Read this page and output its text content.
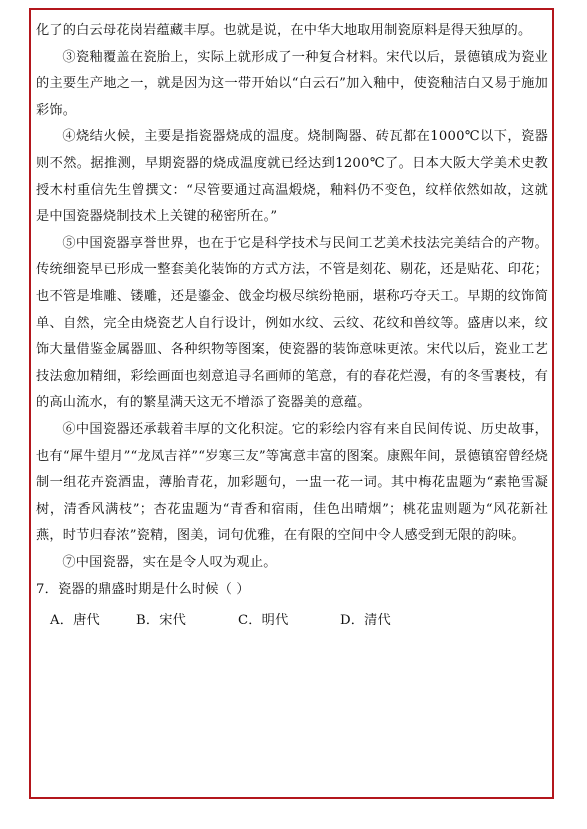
化了的白云母花岗岩蕴藏丰厚。也就是说，在中华大地取用制瓷原料是得天独厚的。

③瓷釉覆盖在瓷胎上，实际上就形成了一种复合材料。宋代以后，景德镇成为瓷业的主要生产地之一，就是因为这一带开始以“白云石”加入釉中，使瓷釉洁白又易于施加彩饰。

④烧结火候，主要是指瓷器烧成的温度。烧制陶器、砖瓦都在1000℃以下，瓷器则不然。据推测，早期瓷器的烧成温度就已经达到1200℃了。日本大阪大学美术史教授木村重信先生曾撰文：“尽管要通过高温煅烧，釉料仍不变色，纹样依然如故，这就是中国瓷器烧制技术上关键的秘密所在。”

⑤中国瓷器享誉世界，也在于它是科学技术与民间工艺美术技法完美结合的产物。传统细瓷早已形成一整套美化装饰的方式方法，不管是刻花、剔花，还是贴花、印花；也不管是堆雕、镂雕，还是鎏金、戗金均极尽缤纷艳丽，堪称巧夺天工。早期的纹饰简单、自然，完全由烧瓷艺人自行设计，例如水纹、云纹、花纹和兽纹等。盛唐以来，纹饰大量借鉴金属器皿、各种织物等图案，使瓷器的装饰意味更浓。宋代以后，瓷业工艺技法愈加精细，彩绘画面也刻意追寻名画师的笔意，有的春花烂漫，有的冬雪裹枝，有的高山流水，有的繁星满天这无不增添了瓷器美的意蕴。

⑥中国瓷器还承载着丰厚的文化积淀。它的彩绘内容有来自民间传说、历史故事，也有“犀牛望月”“龙凤吉祥”“岁寒三友”等寓意丰富的图案。康熙年间，景德镇窑曾经烧制一组花卉瓷酒盅，薄胎青花，加彩题句，一盅一花一词。其中梅花盅题为“素艳雪凝树，清香风满枝”；杏花盅题为“青香和宿雨，佳色出晴烟”；桃花盅则题为“风花新社燕，时节归春浓”瓷精，图美，词句优雅，在有限的空间中令人感受到无限的韵味。

⑦中国瓷器，实在是令人叹为观止。

7．瓷器的鼎盛时期是什么时候（ ）

A．唐代	B．宋代	C．明代	D．清代
